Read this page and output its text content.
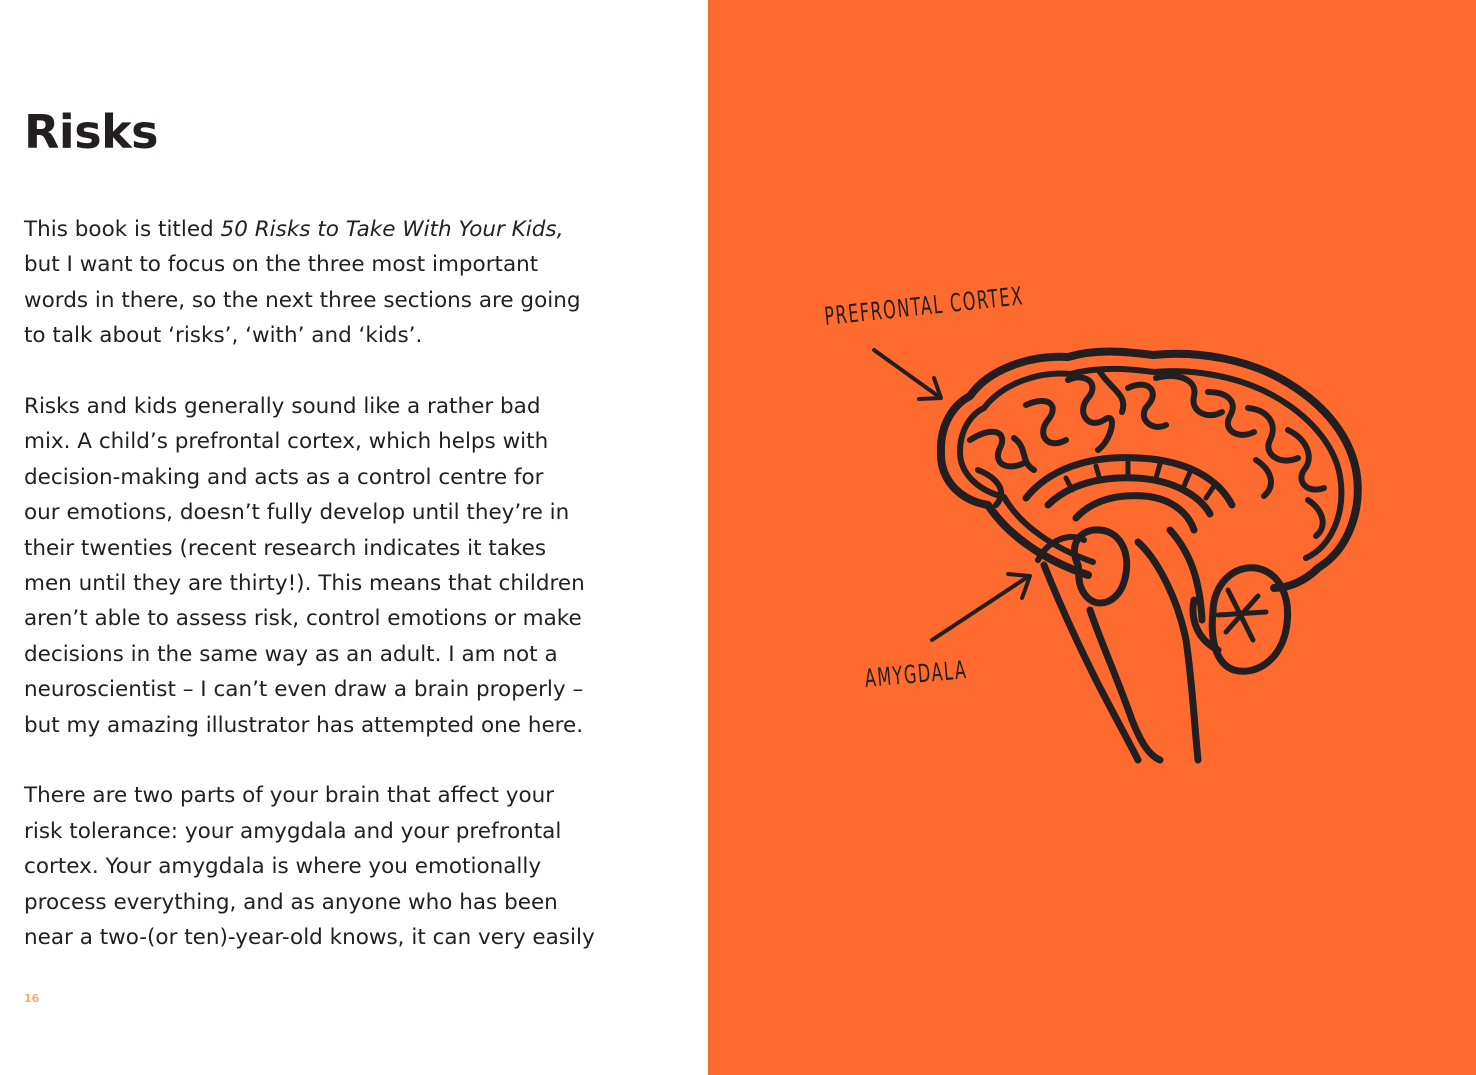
Risks

This book is titled 50 Risks to Take With Your Kids,
but I want to focus on the three most important
words in there, so the next three sections are going
to talk about ‘risks’, ‘with’ and ‘kids’.

Risks and kids generally sound like a rather bad
mix. A child’s prefrontal cortex, which helps with
decision-making and acts as a control centre for
our emotions, doesn’t fully develop until they’re in
their twenties (recent research indicates it takes
men until they are thirty!). This means that children
aren’t able to assess risk, control emotions or make
decisions in the same way as an adult. I am not a
neuroscientist – I can’t even draw a brain properly –
but my amazing illustrator has attempted one here.

There are two parts of your brain that affect your
risk tolerance: your amygdala and your prefrontal
cortex. Your amygdala is where you emotionally
process everything, and as anyone who has been
near a two-(or ten)-year-old knows, it can very easily

16
PREFRONTAL CORTEX
AMYGDALA
